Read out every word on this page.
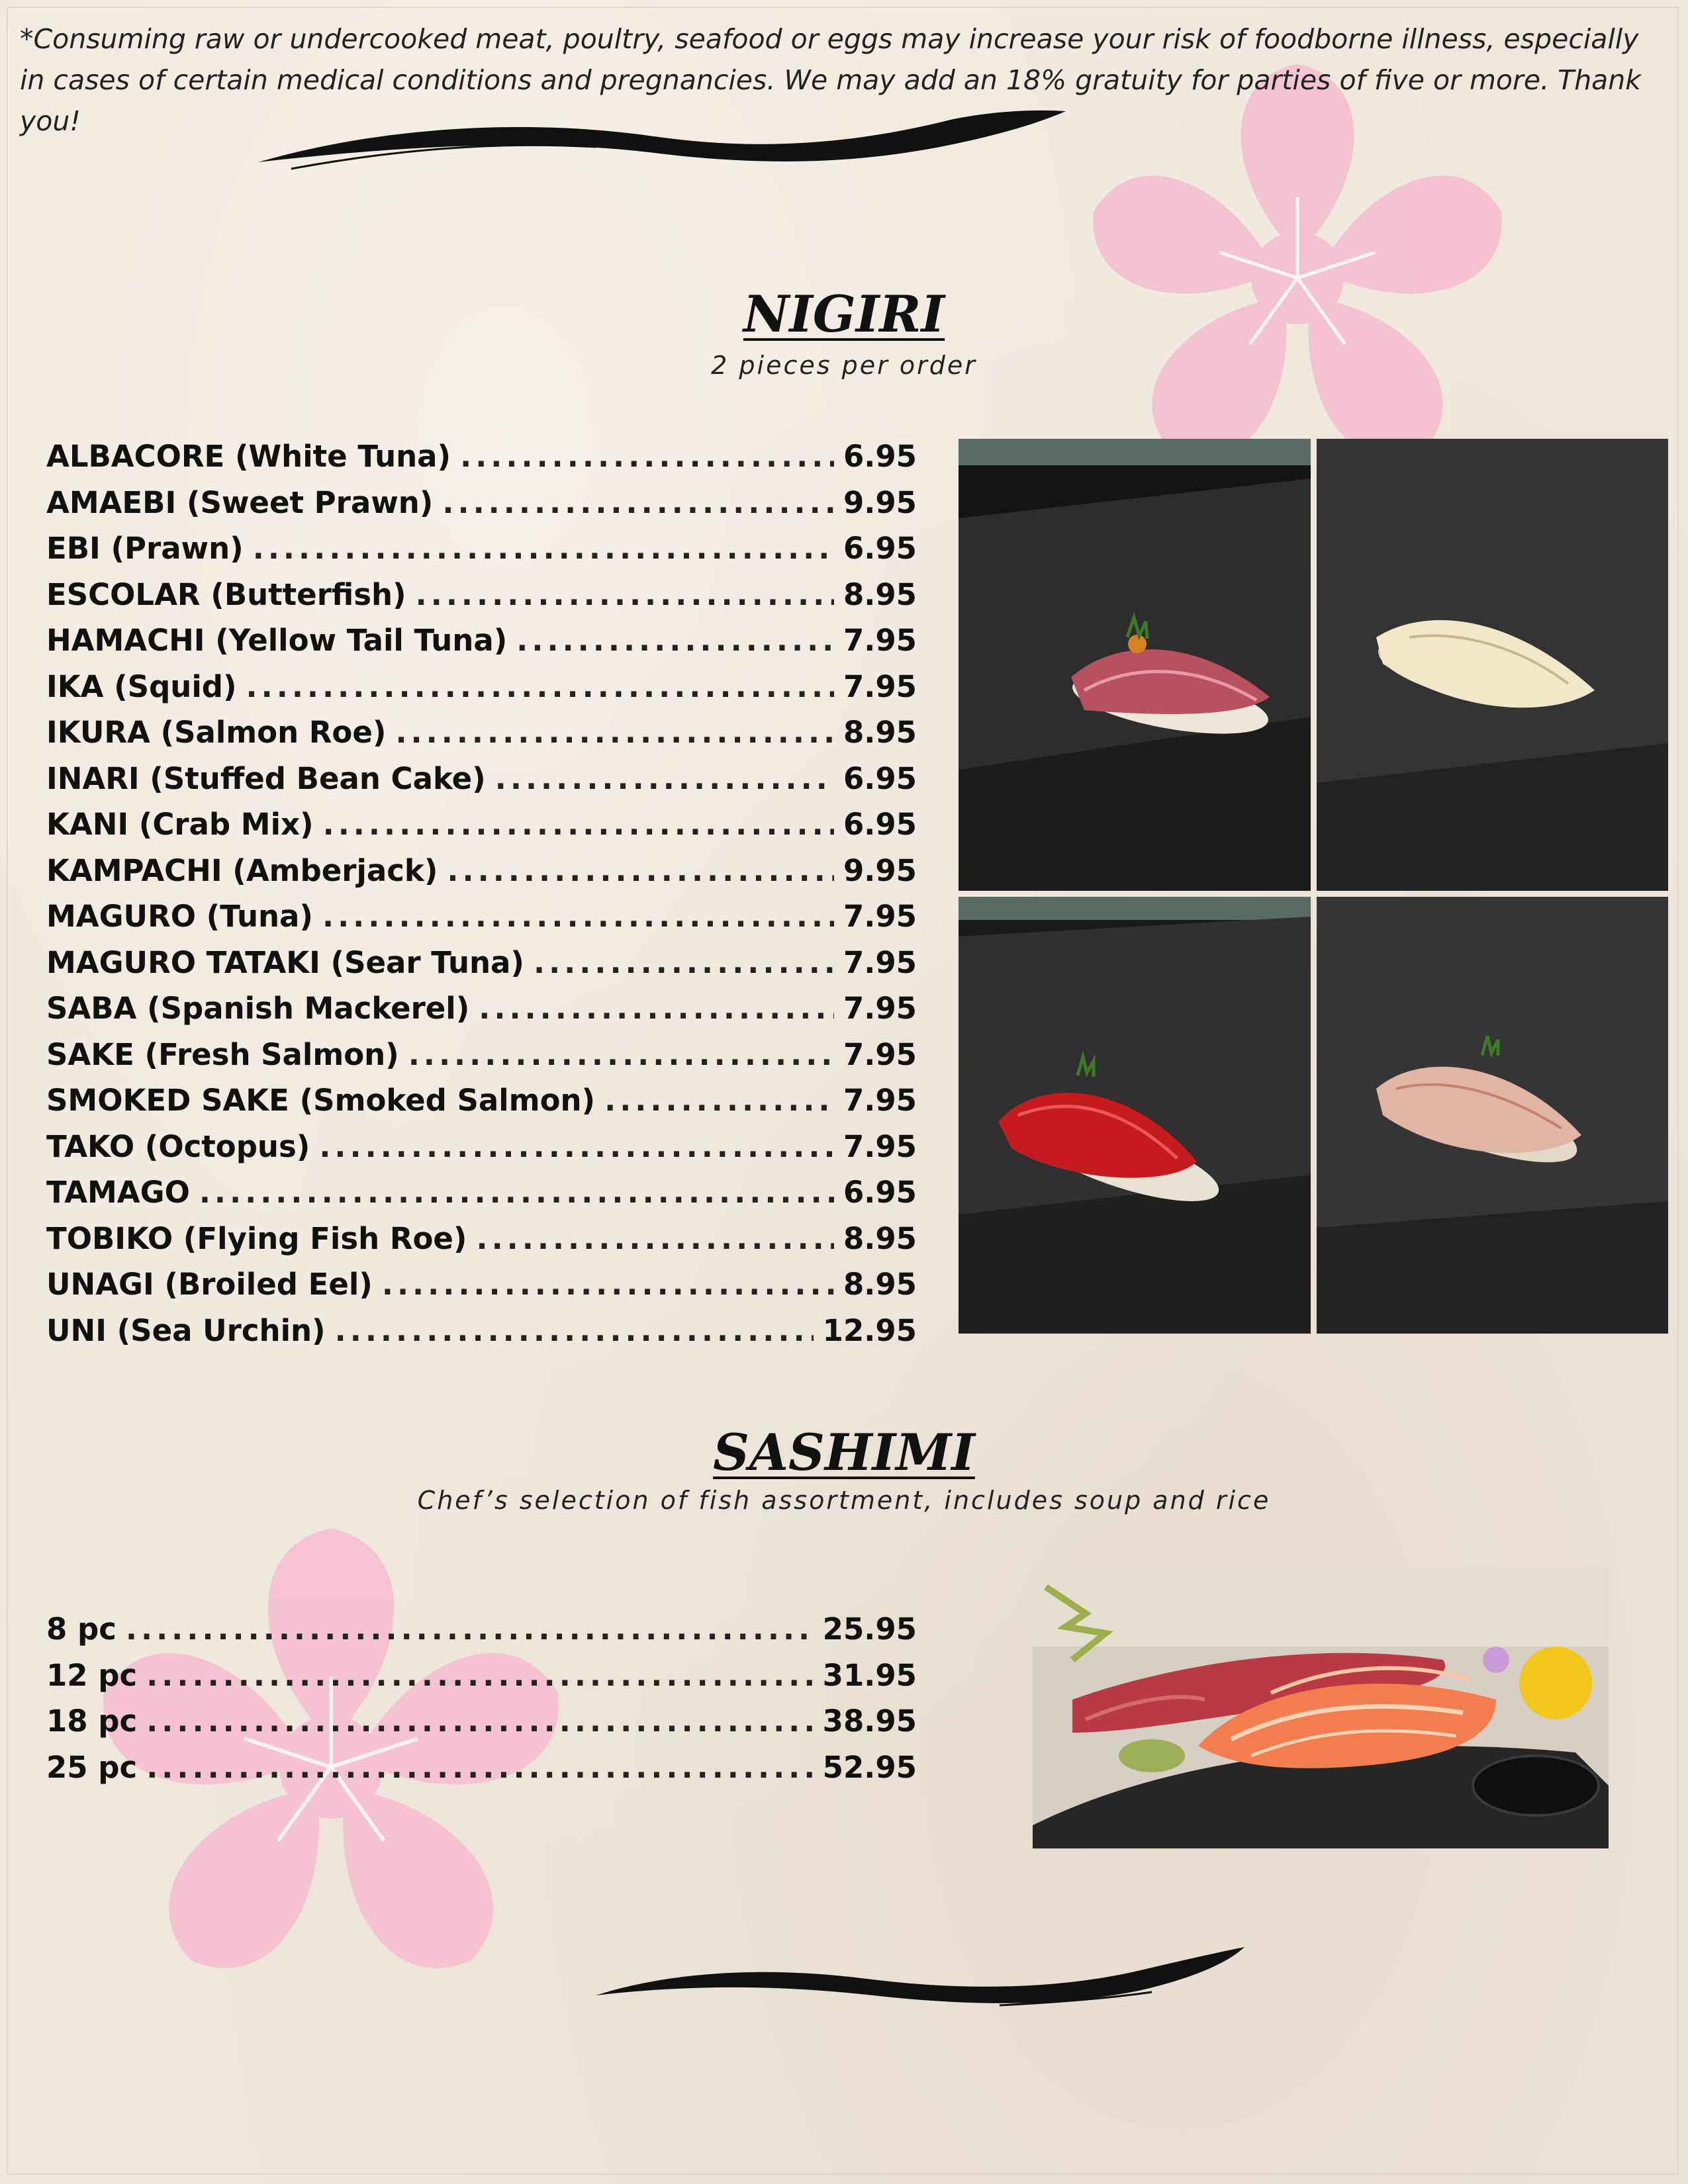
*Consuming raw or undercooked meat, poultry, seafood or eggs may increase your risk of foodborne illness, especially in cases of certain medical conditions and pregnancies. We may add an 18% gratuity for parties of five or more. Thank you!
NIGIRI
2 pieces per order
ALBACORE (White Tuna) .....	6.95
AMAEBI (Sweet Prawn) .....	9.95
EBI (Prawn) .....	6.95
ESCOLAR (Butterfish) .....	8.95
HAMACHI (Yellow Tail Tuna) .....	7.95
IKA (Squid) .....	7.95
IKURA (Salmon Roe) .....	8.95
INARI (Stuffed Bean Cake) .....	6.95
KANI (Crab Mix) .....	6.95
KAMPACHI (Amberjack) .....	9.95
MAGURO (Tuna) .....	7.95
MAGURO TATAKI (Sear Tuna) .....	7.95
SABA (Spanish Mackerel) .....	7.95
SAKE (Fresh Salmon) .....	7.95
SMOKED SAKE (Smoked Salmon) .....	7.95
TAKO (Octopus) .....	7.95
TAMAGO .....	6.95
TOBIKO (Flying Fish Roe) .....	8.95
UNAGI (Broiled Eel) .....	8.95
UNI (Sea Urchin) .....	12.95
SASHIMI
Chef’s selection of fish assortment, includes soup and rice
8 pc .....	25.95
12 pc .....	31.95
18 pc .....	38.95
25 pc .....	52.95
